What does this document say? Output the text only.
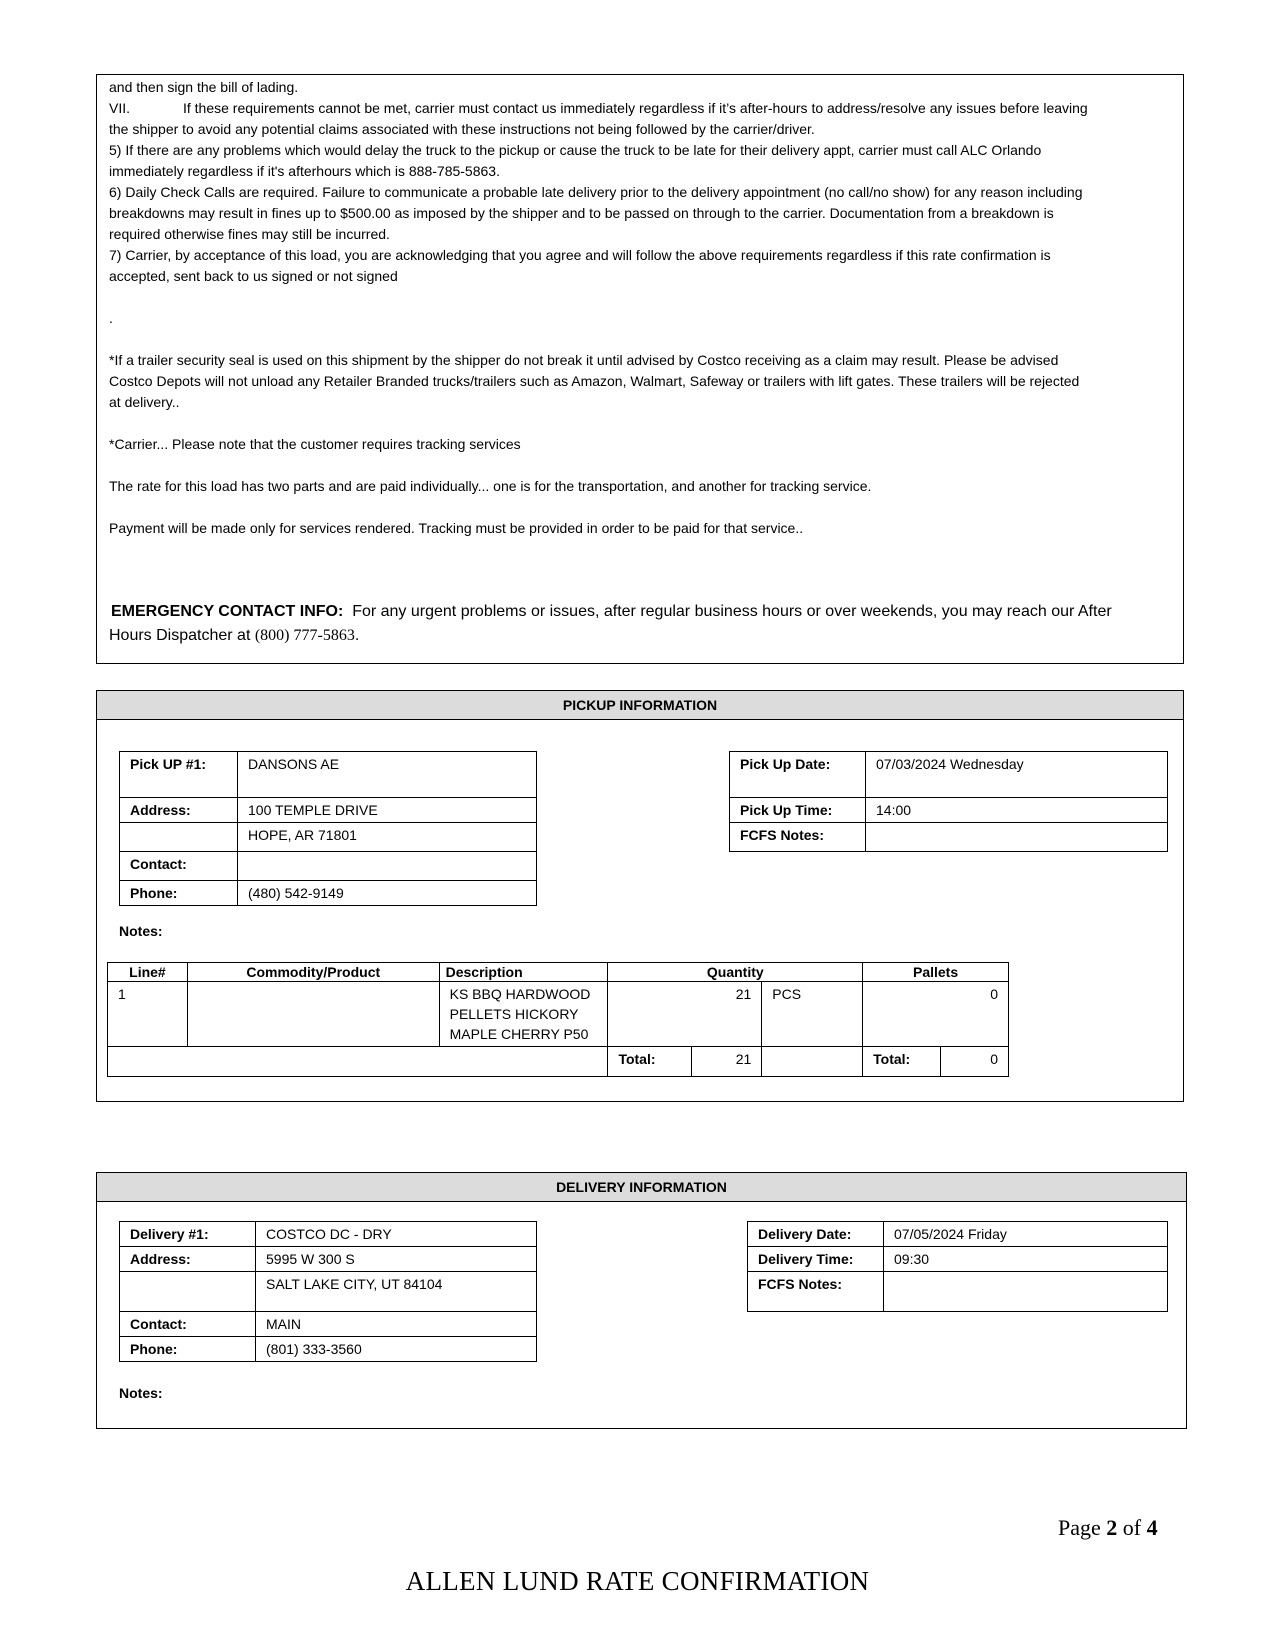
and then sign the bill of lading.
VII.	If these requirements cannot be met, carrier must contact us immediately regardless if it’s after-hours to address/resolve any issues before leaving
the shipper to avoid any potential claims associated with these instructions not being followed by the carrier/driver.
5) If there are any problems which would delay the truck to the pickup or cause the truck to be late for their delivery appt, carrier must call ALC Orlando
immediately regardless if it's afterhours which is 888-785-5863.
6) Daily Check Calls are required. Failure to communicate a probable late delivery prior to the delivery appointment (no call/no show) for any reason including
breakdowns may result in fines up to $500.00 as imposed by the shipper and to be passed on through to the carrier. Documentation from a breakdown is
required otherwise fines may still be incurred.
7) Carrier, by acceptance of this load, you are acknowledging that you agree and will follow the above requirements regardless if this rate confirmation is
accepted, sent back to us signed or not signed
.
*If a trailer security seal is used on this shipment by the shipper do not break it until advised by Costco receiving as a claim may result. Please be advised
Costco Depots will not unload any Retailer Branded trucks/trailers such as Amazon, Walmart, Safeway or trailers with lift gates. These trailers will be rejected
at delivery..
*Carrier... Please note that the customer requires tracking services
The rate for this load has two parts and are paid individually... one is for the transportation, and another for tracking service.
Payment will be made only for services rendered. Tracking must be provided in order to be paid for that service..
EMERGENCY CONTACT INFO: For any urgent problems or issues, after regular business hours or over weekends, you may reach our After
Hours Dispatcher at (800) 777-5863.
PICKUP INFORMATION
Pick UP #1:	DANSONS AE
Address:	100 TEMPLE DRIVE
	HOPE, AR 71801
Contact:	
Phone:	(480) 542-9149
Pick Up Date:	07/03/2024 Wednesday
Pick Up Time:	14:00
FCFS Notes:	
Notes:
Line#	Commodity/Product	Description	Quantity			Pallets	
1		KS BBQ HARDWOOD
PELLETS HICKORY
MAPLE CHERRY P50	21		PCS	0	
			Total:	21		Total:	0
DELIVERY INFORMATION
Delivery #1:	COSTCO DC - DRY
Address:	5995 W 300 S
	SALT LAKE CITY, UT 84104
Contact:	MAIN
Phone:	(801) 333-3560
Delivery Date:	07/05/2024 Friday
Delivery Time:	09:30
FCFS Notes:	
Notes:
Page 2 of 4
ALLEN LUND RATE CONFIRMATION
